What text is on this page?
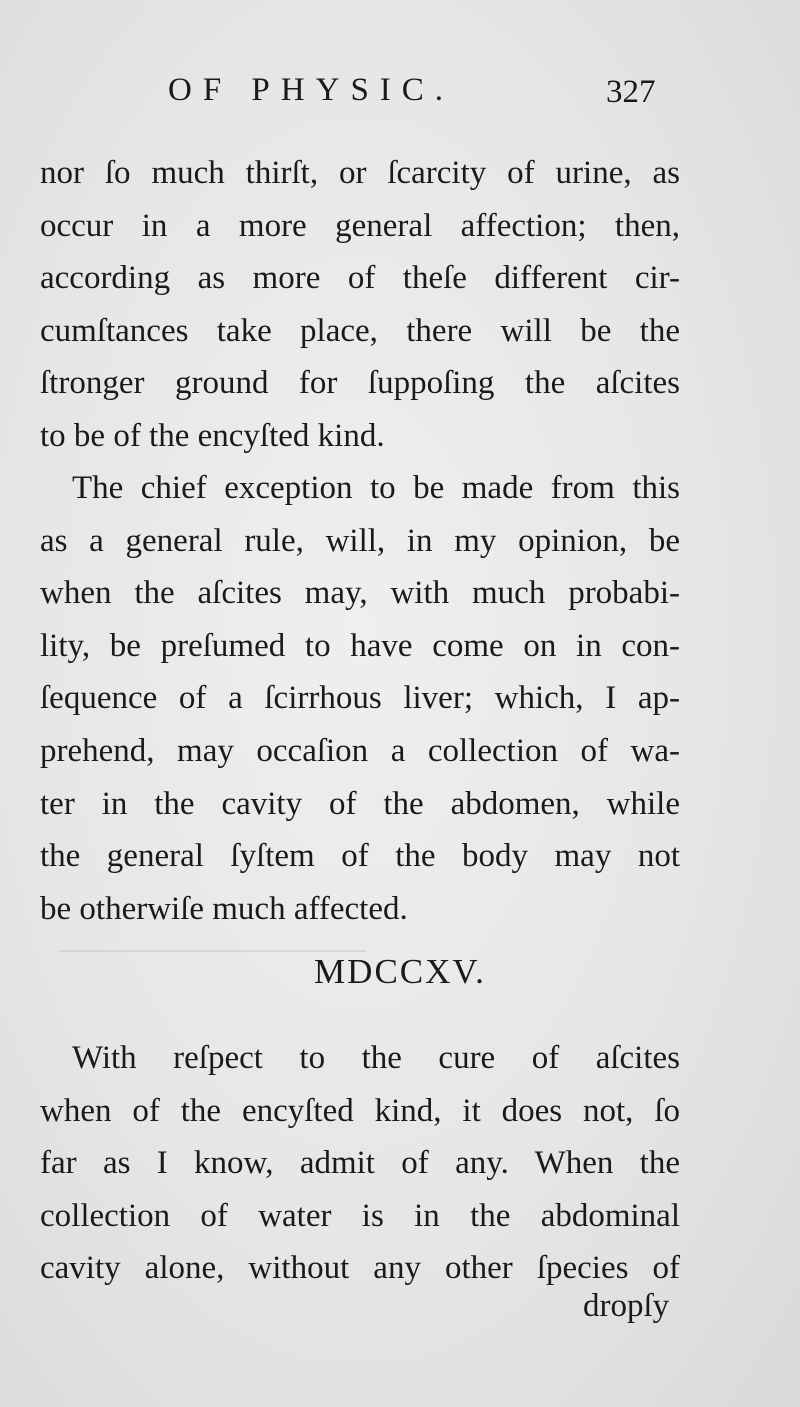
—————————
OF PHYSIC.	327
nor ſo much thirſt, or ſcarcity of urine, as
occur in a more general affection; then,
according as more of theſe different cir-
cumſtances take place, there will be the
ſtronger ground for ſuppoſing the aſcites
to be of the encyſted kind.
The chief exception to be made from this
as a general rule, will, in my opinion, be
when the aſcites may, with much probabi-
lity, be preſumed to have come on in con-
ſequence of a ſcirrhous liver; which, I ap-
prehend, may occaſion a collection of wa-
ter in the cavity of the abdomen, while
the general ſyſtem of the body may not
be otherwiſe much affected.
MDCCXV.
With reſpect to the cure of aſcites
when of the encyſted kind, it does not, ſo
far as I know, admit of any. When the
collection of water is in the abdominal
cavity alone, without any other ſpecies of
dropſy
